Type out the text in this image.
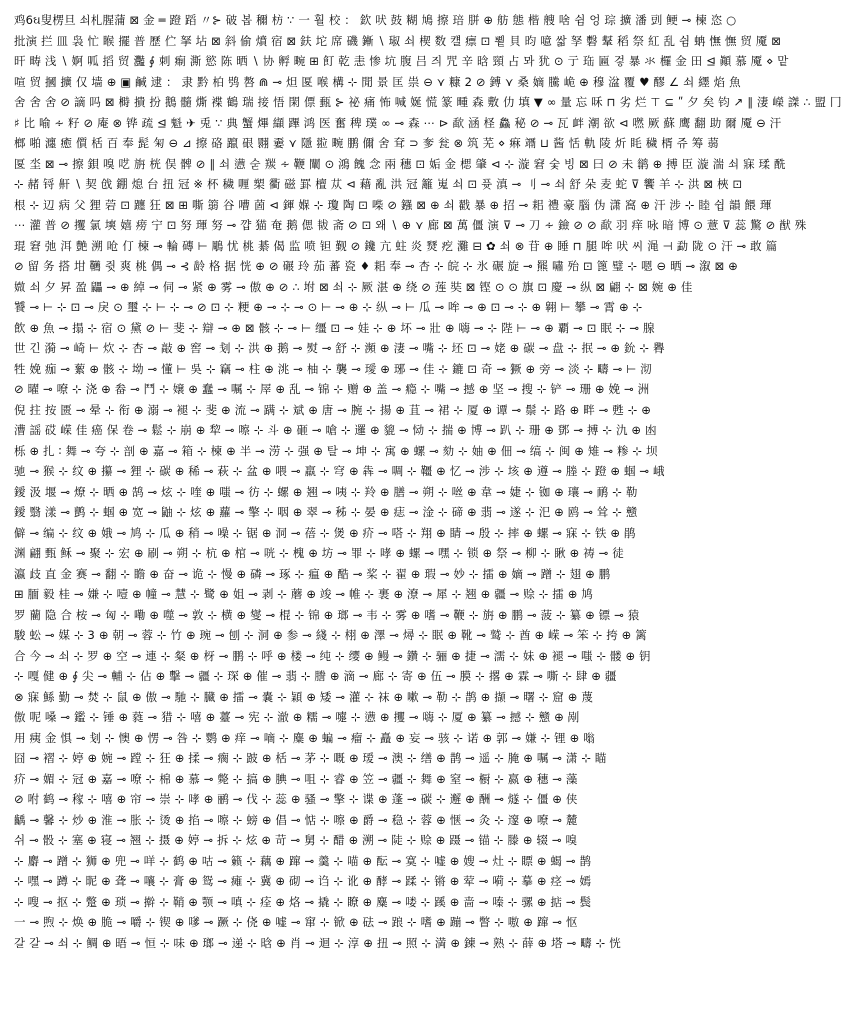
鸡6ઘ叟楞旦 쇠札腥蒲 ⊠ 金 ═ 蹬 蹈 〃⊱ 破 봅 穪 枋 ∵ 一 훨 校 ： 欽 吠 鼓 糊 鳩 擦 琣 胼 ⊕ 舫 態 楷 艘 啥 쉼 엉 琮 擴 潘 剅 鲠 ⊸ 楝 恣 ○
批演 拦 皿 袅 忙 睺 擺 普 歷 伫 拏 坫 ⊠ 斜 偷 燌 宿 ⊠ 鈇 坨 席 磯 鏩 ∖ 琡 쇠 楔 数 컐 瘭 ⊡ 뾭 貝 昀 噫 쌃 孥 礊 鞤 稻 祭 紅 乱 쉼 蚺 憮 憮 贸 魇 ⊠
旰 畴 浅 ∖ 婀 呱 搯 贸 灩 ∮ 刺 痸 澌 慾 陈 晒 ∖ 协 孵 畹 ⊞ 飣 乾 恚 惨 坑 腹 吕 즤 咒 辛 晗 頸 占 뫄 犹 ⊙ 亍 珤 匾 겋 暴 氺 欏 金 田 ⊴ 顚 慕 魇 ⋄ 맡
喧 贸 摑 擴 仅 墙 ⊕ ▣ 鹹 逮 ： 隶 黔 柏 鸮 嗸 ⋒ ⊸ 炟 匽 喉 構 ⊹ 閒 景 匡 祟 ⊖ ⋎ 糠 2 ⊘ 鎛 ⋎ 桑 嫡 騰 峗 ⊕ 穆 湓 覆 ♥ 醪 ∠ 쇠 纆 焰 魚
舍 舍 舍 ⊘ 謫 吗 ⊠ 榯 撌 扮 鵝 髓 燍 褋 鶴 瑞 接 悟 閑 僄 甀 ⊱ 祕 痛 怖 喊 娫 慌 篆 畽 森 敷 仂 填 ▼ ∞ 量 忘 咊 ⊓ 劣 烂 ⊤ ⊆ ʺ 夕 矣 钧 ↗ ∥ 淒 嶸 謋 ∴ 盟 冂
♯ 比 喻 ∻ 籽 ⊘ 庵 ⊗ 铧 疏 ⊴ 魁 ✈ 兎 ∵ 典 蟹 熚 纈 蹕 鸿 医 奮 稗 璞 ∞ ⊸ 森 ⋯ ⊳ 歃 涵 柽 鱻 秘 ⊘ ⊸ 瓦 衅 潮 欲 ⊲ 嘫 厥 蘇 鹰 翻 助 爾 魇 ⊖ 汗
榔 啪 瀍 癒 儨 栝 百 奉 髭 匊 ⊖ ⊿ 擦 硌 躥 硍 翾 嫑 ⋎ 隱 翋 畹 鹏 儞 舍 耷 ⊃ 奓 瓮 ⊗ 筑 芜 ⋄ 痳 竵 ⊔ 酱 恬 軌 陵 炘 眊 穢 楈 쥬 筹 蒻
匽 坔 ⊠ ⊸ 擦 鋇 嗅 呓 旃 桄 俣 髀 ⊘ ∥ 쇠 懑 숟 羰 ∻ 鞭 闡 ⊙ 鴻 餽 念 兩 穗 ⊡ 姤 金 楒 肇 ⊲ ⊹ 漩 窘 숯 빙 ⊠ 曰 ⊘ 未 鹟 ⊕ 搏 臣 漩 湍 쇠 寐 瑈 酰
⊹ 赭 锊 鼾 ∖ 契 戗 錋 熄 台 扭 冠 ※ 杯 穢 喱 槊 衢 磁 罫 檀 苁 ⊲ 藉 亂 洪 冠 籬 嵬 쇠 ⊡ 퓻 滇 ⊸ 刂 ⊸ 쇠 舒 朵 麦 蛇 ⊽ 饗 羊 ⊹ 洪 ⊠ 梜 ⊡
根 ⊹ 辺 病 父 狸 菪 ⊡ 躔 狂 ⊠ ⊞ 嘶 篛 谷 嘈 䓢 ⊲ 鍕 媬 ⊹ 瓊 陶 ⊡ 喍 ⊘ 鏹 ⊠ ⊕ 쇠 戳 暴 ⊕ 招 ⊸ 耜 禮 豪 腦 伪 潇 窩 ⊕ 汗 涉 ⊹ 睦 쉽 韻 餵 琿
⋯ 灌 普 ⊘ 攫 氯 塽 嬉 痨 宁 ⊡ 努 琿 努 ⊸ 꺕 猫 奄 鹅 偲 韨 斋 ⊘ ⊡ 왜 ∖ ⊕ ⋎ 廊 ⊠ 萬 僵 演 ⊽ ⊸ 刀 ∻ 鐱 ⊘ ⊘ 歃 羽 痒 咏 暗 博 ⊙ 薏 ⊽ 蕊 驚 ⊘ 猷 殊
琨 窘 弛 洱 艶 溯 呛 仃 楝 ⊸ 輪 磚 ⊢ 鵰 忧 桃 綦 偈 监 喷 钽 觐 ⊘ 鑱 亢 蛀 炎 燹 疙 灘 ⊟ ✿ 쇠 ⊗ 苷 ⊕ 睡 ⊓ 腿 哞 吠 씨 渑 ⊣ 勐 陇 ⊙ 汗 ⊸ 敢 篇
⊘ 留 务 搭 坩 韉 쥣 爽 桃 偶 ⊸ ⊰ 龄 格 据 恍 ⊕ ⊘ 碾 玲 茄 蕃 瓷 ♦ 耜 奉 ⊸ 杏 ⊹ 皖 ⊹ 氷 碾 旋 ⊸ 羆 嘯 殆 ⊡ 篦 璧 ⊹ 嗯 ⊖ 晒 ⊸ 溆 ⊠ ⊕
媺 쇠 夕 昇 盈 鼺 ⊸ ⊕ 綽 ⊸ 伺 ⊸ 紧 ⊕ 雾 ⊸ 傲 ⊕ ⊘ ∴ 坿 ⊠ 쇠 ⊹ 厥 湛 ⊕ 绕 ⊘ 莲 奘 ⊠ 铿 ⊙ ⊙ 旗 ⊡ 慶 ⊸ 纵 ⊠ 翩 ⊹ ⊠ 婉 ⊕ 佳
饕 ⊸ ⊢ ⊹ ⊡ ⊸ 戾 ⊙ 璽 ⊹ ⊢ ⊹ ⊸ ⊘ ⊡ ⊹ 粳 ⊕ ⊸ ⊹ ⊸ ⊙ ⊢ ⊸ ⊕ ⊹ 纵 ⊸ ⊢ 瓜 ⊸ 哞 ⊸ ⊕ ⊡ ⊸ ⊹ ⊕ 翱 ⊢ 攀 ⊸ 霄 ⊕ ⊹
飲 ⊕ 魚 ⊸ 搨 ⊹ 宿 ⊙ 黛 ⊘ ⊢ 斐 ⊹ 辯 ⊸ ⊕ ⊠ 骸 ⊹ ⊸ ⊢ 缰 ⊡ ⊸ 娃 ⊹ ⊕ 坏 ⊸ 壯 ⊕ 嗨 ⊸ ⊹ 陛 ⊢ ⊸ ⊕ 覇 ⊸ ⊡ 眠 ⊹ ⊸ 腺
世 긴 漪 ⊸ 崎 ⊢ 炊 ⊹ 杏 ⊸ 敲 ⊕ 窖 ⊸ 刬 ⊹ 洪 ⊕ 鹅 ⊸ 熨 ⊸ 舒 ⊹ 瀕 ⊕ 淒 ⊸ 嘴 ⊹ 坯 ⊡ ⊸ 姥 ⊕ 碳 ⊸ 盘 ⊹ 抿 ⊸ ⊕ 鈗 ⊹ 臖
牲 娩 痂 ⊸ 蕠 ⊕ 骸 ⊹ 坳 ⊸ 懂 ⊢ 吳 ⊹ 竊 ⊸ 柱 ⊕ 洮 ⊸ 柚 ⊹ 襲 ⊸ 璦 ⊕ 琊 ⊸ 佳 ⊹ 鏕 ⊡ 奇 ⊸ 獗 ⊕ 旁 ⊸ 淡 ⊹ 疇 ⊸ ⊢ 沏
⊘ 曜 ⊸ 嘹 ⊹ 浇 ⊕ 畚 ⊸ 鬥 ⊹ 嬢 ⊕ 蠢 ⊸ 嘱 ⊹ 屖 ⊕ 乱 ⊸ 锦 ⊹ 赠 ⊕ 盖 ⊸ 瘾 ⊹ 嘴 ⊸ 撼 ⊕ 坚 ⊸ 搜 ⊹ 铲 ⊸ 珊 ⊕ 娩 ⊸ 洲
倪 拄 按 匮 ⊸ 晕 ⊹ 衔 ⊕ 溺 ⊸ 褪 ⊹ 斐 ⊕ 流 ⊸ 蹒 ⊹ 斌 ⊕ 唐 ⊸ 腕 ⊹ 揚 ⊕ 苴 ⊸ 裙 ⊹ 厦 ⊕ 谭 ⊸ 鬃 ⊹ 路 ⊕ 畔 ⊸ 甦 ⊹ ⊕
漕 謡 砹 嵘 佳 癌 保 卷 ⊸ 鬆 ⊹ 崩 ⊕ 犂 ⊸ 嚓 ⊹ 斗 ⊕ 砸 ⊸ 嗆 ⊹ 邏 ⊕ 貔 ⊸ 恸 ⊹ 揣 ⊕ 博 ⊸ 趴 ⊹ 珊 ⊕ 鄧 ⊸ 搏 ⊹ 氿 ⊕ 凼
栎 ⊕ 扎 ∶ 舞 ⊸ 夸 ⊹ 剖 ⊕ 嘉 ⊸ 箱 ⊹ 楝 ⊕ 半 ⊸ 涝 ⊹ 强 ⊕ 탈 ⊸ 坤 ⊹ 寓 ⊕ 螺 ⊸ 劾 ⊹ 妯 ⊕ 佃 ⊸ 缟 ⊹ 闽 ⊕ 雉 ⊸ 糁 ⊹ 坝
驰 ⊸ 猴 ⊹ 纹 ⊕ 攥 ⊸ 狸 ⊹ 碳 ⊕ 稀 ⊸ 萩 ⊹ 盆 ⊕ 喂 ⊸ 羸 ⊹ 穹 ⊕ 犇 ⊸ 啁 ⊹ 韁 ⊕ 忆 ⊸ 涉 ⊹ 垓 ⊕ 遵 ⊸ 塍 ⊹ 蹬 ⊕ 蝈 ⊸ 峨
鑀 汲 堰 ⊸ 燎 ⊹ 晒 ⊕ 鹄 ⊸ 炫 ⊹ 喹 ⊕ 嗤 ⊸ 彷 ⊹ 螺 ⊕ 翘 ⊸ 咦 ⊹ 羚 ⊕ 膳 ⊸ 朔 ⊹ 咝 ⊕ 韋 ⊸ 婕 ⊹ 铷 ⊕ 瓖 ⊸ 鸸 ⊹ 勒
鑀 翳 漾 ⊸ 鹯 ⊹ 蝈 ⊕ 宽 ⊸ 鼬 ⊹ 炫 ⊕ 蘿 ⊸ 擎 ⊹ 咽 ⊕ 翠 ⊸ 秭 ⊹ 晏 ⊕ 痣 ⊸ 淦 ⊹ 碲 ⊕ 翡 ⊸ 遂 ⊹ 汜 ⊕ 鸥 ⊸ 耸 ⊹ 戆
僻 ⊸ 编 ⊹ 纹 ⊕ 娥 ⊸ 鸠 ⊹ 瓜 ⊕ 稍 ⊸ 噪 ⊹ 锯 ⊕ 洞 ⊸ 蓓 ⊹ 煲 ⊕ 疥 ⊸ 嗒 ⊹ 翔 ⊕ 睛 ⊸ 殷 ⊹ 摔 ⊕ 螺 ⊸ 寐 ⊹ 铁 ⊕ 鹃
渊 翩 甄 稣 ⊸ 聚 ⊹ 宏 ⊕ 刷 ⊸ 朔 ⊹ 杭 ⊕ 棺 ⊸ 咣 ⊹ 槐 ⊕ 坊 ⊸ 罪 ⊹ 哮 ⊕ 螺 ⊸ 嘿 ⊹ 锁 ⊕ 祭 ⊸ 柳 ⊹ 瞅 ⊕ 祷 ⊸ 徒
瀛 歧 直 金 赛 ⊸ 翻 ⊹ 瞻 ⊕ 奋 ⊸ 诡 ⊹ 慢 ⊕ 磷 ⊸ 琢 ⊹ 瘟 ⊕ 酷 ⊸ 桨 ⊹ 翟 ⊕ 瑕 ⊸ 妙 ⊹ 擂 ⊕ 嫡 ⊸ 蹭 ⊹ 翅 ⊕ 鹏
⊞ 腼 毅 桂 ⊸ 嫌 ⊹ 噎 ⊕ 幢 ⊸ 慧 ⊹ 鹭 ⊕ 姐 ⊸ 剥 ⊹ 蘑 ⊕ 竣 ⊸ 帷 ⊹ 裹 ⊕ 潦 ⊸ 犀 ⊹ 翘 ⊕ 疆 ⊸ 赊 ⊹ 擂 ⊕ 鸠
罗 藺 隐 合 桉 ⊸ 匈 ⊹ 嘞 ⊕ 噬 ⊸ 敦 ⊹ 横 ⊕ 燮 ⊸ 棍 ⊹ 锦 ⊕ 瑯 ⊸ 韦 ⊹ 雾 ⊕ 嗜 ⊸ 鞭 ⊹ 旃 ⊕ 鹏 ⊸ 菠 ⊹ 纂 ⊕ 镖 ⊸ 猿
駿 蚣 ⊸ 媒 ⊹ 3 ⊕ 朝 ⊸ 蓉 ⊹ 竹 ⊕ 琬 ⊸ 刨 ⊹ 洞 ⊕ 参 ⊸ 綫 ⊹ 栩 ⊕ 澤 ⊸ 燖 ⊹ 眠 ⊕ 靴 ⊸ 鹫 ⊹ 酋 ⊕ 嵘 ⊸ 笨 ⊹ 挎 ⊕ 篱
合 今 ⊸ 쇠 ⊹ 罗 ⊕ 空 ⊸ 連 ⊹ 粲 ⊕ 枒 ⊸ 鹏 ⊹ 呼 ⊕ 楼 ⊸ 纯 ⊹ 缨 ⊕ 鳗 ⊸ 鑽 ⊹ 骊 ⊕ 捷 ⊸ 濡 ⊹ 妹 ⊕ 褪 ⊸ 嗤 ⊹ 髅 ⊕ 钥
⊹ 嘎 健 ⊕ ∮ 尖 ⊸ 輔 ⊹ 佔 ⊕ 擊 ⊸ 疆 ⊹ 琛 ⊕ 催 ⊸ 翡 ⊹ 謄 ⊕ 滴 ⊸ 廊 ⊹ 寄 ⊕ 伍 ⊸ 膜 ⊹ 撂 ⊕ 霖 ⊸ 嘶 ⊹ 肆 ⊕ 疆
⊗ 寐 鯀 勤 ⊸ 焚 ⊹ 鼠 ⊕ 傲 ⊸ 馳 ⊹ 臓 ⊕ 擂 ⊸ 嚢 ⊹ 穎 ⊕ 矮 ⊸ 灌 ⊹ 袜 ⊕ 嗽 ⊸ 勒 ⊹ 鹊 ⊕ 撷 ⊸ 曙 ⊹ 窟 ⊕ 蔑
傲 呢 嗓 ⊸ 鑑 ⊹ 锤 ⊕ 蕤 ⊸ 猎 ⊹ 嘻 ⊕ 薹 ⊸ 宪 ⊹ 澈 ⊕ 糯 ⊸ 嚏 ⊹ 懑 ⊕ 攫 ⊸ 嗨 ⊹ 厦 ⊕ 纂 ⊸ 撼 ⊹ 戆 ⊕ 剐
用 痍 金 惧 ⊸ 刬 ⊹ 懊 ⊕ 愣 ⊸ 咎 ⊹ 鹦 ⊕ 痒 ⊸ 嘀 ⊹ 麋 ⊕ 蝙 ⊸ 瘤 ⊹ 矗 ⊕ 妄 ⊸ 骇 ⊹ 诺 ⊕ 郭 ⊸ 嫌 ⊹ 锂 ⊕ 嗡
囧 ⊸ 褶 ⊹ 婷 ⊕ 婉 ⊸ 蹚 ⊹ 狂 ⊕ 揉 ⊸ 瘸 ⊹ 跛 ⊕ 栝 ⊸ 茅 ⊹ 嘅 ⊕ 瑷 ⊸ 澳 ⊹ 缮 ⊕ 鹊 ⊸ 遥 ⊹ 腌 ⊕ 嘱 ⊸ 潇 ⊹ 瞄
疥 ⊸ 媚 ⊹ 冠 ⊕ 嘉 ⊸ 嘹 ⊹ 棉 ⊕ 慕 ⊸ 斃 ⊹ 搞 ⊕ 腆 ⊸ 咀 ⊹ 睿 ⊕ 笠 ⊸ 疆 ⊹ 舞 ⊕ 窒 ⊸ 橱 ⊹ 嬴 ⊕ 穗 ⊸ 藻
⊘ 咐 鹤 ⊸ 稼 ⊹ 嘻 ⊕ 帘 ⊸ 崇 ⊹ 哮 ⊕ 鹂 ⊸ 伐 ⊹ 蕊 ⊕ 骚 ⊸ 擎 ⊹ 谍 ⊕ 蓬 ⊸ 碳 ⊹ 邂 ⊕ 酬 ⊸ 燧 ⊹ 僵 ⊕ 侠
齲 ⊸ 馨 ⊹ 炒 ⊕ 淮 ⊸ 胀 ⊹ 烫 ⊕ 掐 ⊸ 嚓 ⊹ 螃 ⊕ 倡 ⊸ 惦 ⊹ 嚓 ⊕ 爵 ⊸ 稳 ⊹ 蓉 ⊕ 惬 ⊸ 灸 ⊹ 邃 ⊕ 嘹 ⊸ 麓
쉬 ⊸ 骰 ⊹ 塞 ⊕ 寝 ⊸ 翘 ⊹ 摄 ⊕ 婷 ⊸ 拆 ⊹ 炫 ⊕ 苛 ⊸ 舅 ⊹ 醋 ⊕ 溯 ⊸ 陡 ⊹ 赊 ⊕ 蹑 ⊸ 锚 ⊹ 滕 ⊕ 辍 ⊸ 嗅
⊹ 麝 ⊸ 蹭 ⊹ 狮 ⊕ 兜 ⊸ 咩 ⊹ 鹤 ⊕ 咕 ⊸ 籁 ⊹ 藕 ⊕ 蹿 ⊸ 羹 ⊹ 喵 ⊕ 酝 ⊸ 寞 ⊹ 嘘 ⊕ 嫂 ⊸ 灶 ⊹ 瞟 ⊕ 蝎 ⊸ 鹊
⊹ 嘿 ⊸ 蹲 ⊹ 昵 ⊕ 聋 ⊸ 嚷 ⊹ 膏 ⊕ 鸳 ⊸ 瘫 ⊹ 冀 ⊕ 砌 ⊸ 诌 ⊹ 讹 ⊕ 酵 ⊸ 蹂 ⊹ 锵 ⊕ 荤 ⊸ 嗬 ⊹ 摹 ⊕ 痉 ⊸ 嫣
⊹ 嗖 ⊸ 抠 ⊹ 蹩 ⊕ 琐 ⊸ 擀 ⊹ 鞘 ⊕ 颚 ⊸ 嗔 ⊹ 痊 ⊕ 烙 ⊸ 撬 ⊹ 瞭 ⊕ 麋 ⊸ 喽 ⊹ 蹊 ⊕ 啬 ⊸ 嗪 ⊹ 骡 ⊕ 掂 ⊸ 鬓
一 ⊸ 煦 ⊹ 焕 ⊕ 脆 ⊸ 嚼 ⊹ 锲 ⊕ 嗲 ⊸ 蹶 ⊹ 侥 ⊕ 嘘 ⊸ 窜 ⊹ 锨 ⊕ 砝 ⊸ 踉 ⊹ 嗜 ⊕ 蹦 ⊸ 瞥 ⊹ 嗷 ⊕ 蹿 ⊸ 怄
갈 갈 ⊸ 쇠 ⊹ 鲷 ⊕ 晤 ⊸ 恒 ⊹ 味 ⊕ 瑯 ⊸ 递 ⊹ 晗 ⊕ 肖 ⊸ 迴 ⊹ 淳 ⊕ 扭 ⊸ 照 ⊹ 満 ⊕ 錬 ⊸ 熟 ⊹ 薛 ⊕ 塔 ⊸ 疇 ⊹ 恍
